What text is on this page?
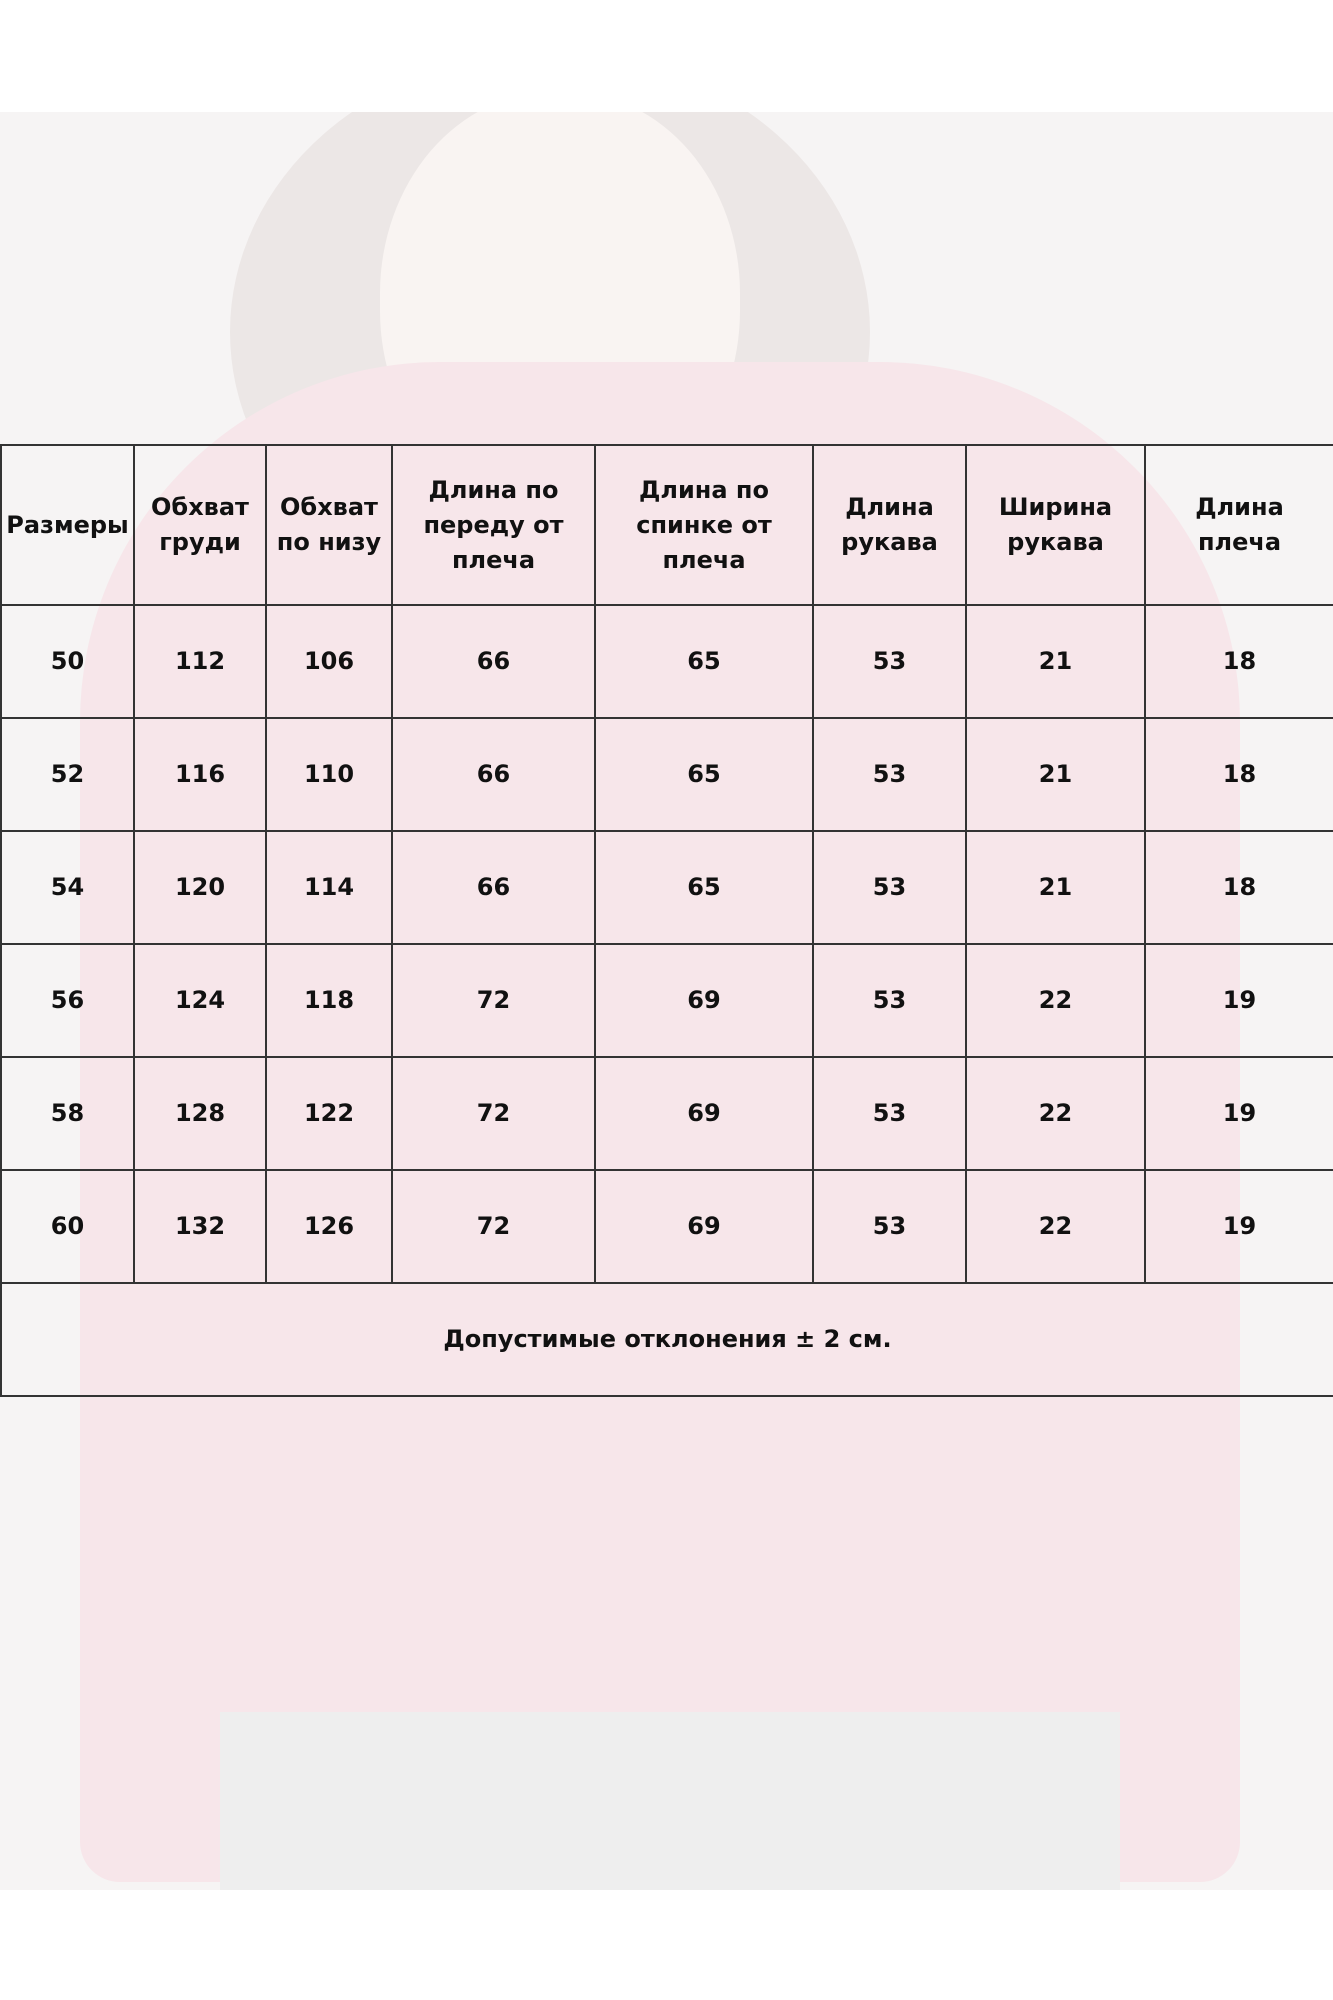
Размеры	Обхват груди	Обхват по низу	Длина по переду от плеча	Длина по спинке от плеча	Длина рукава	Ширина рукава	Длина плеча
50	112	106	66	65	53	21	18
52	116	110	66	65	53	21	18
54	120	114	66	65	53	21	18
56	124	118	72	69	53	22	19
58	128	122	72	69	53	22	19
60	132	126	72	69	53	22	19
Допустимые отклонения ± 2 см.							
